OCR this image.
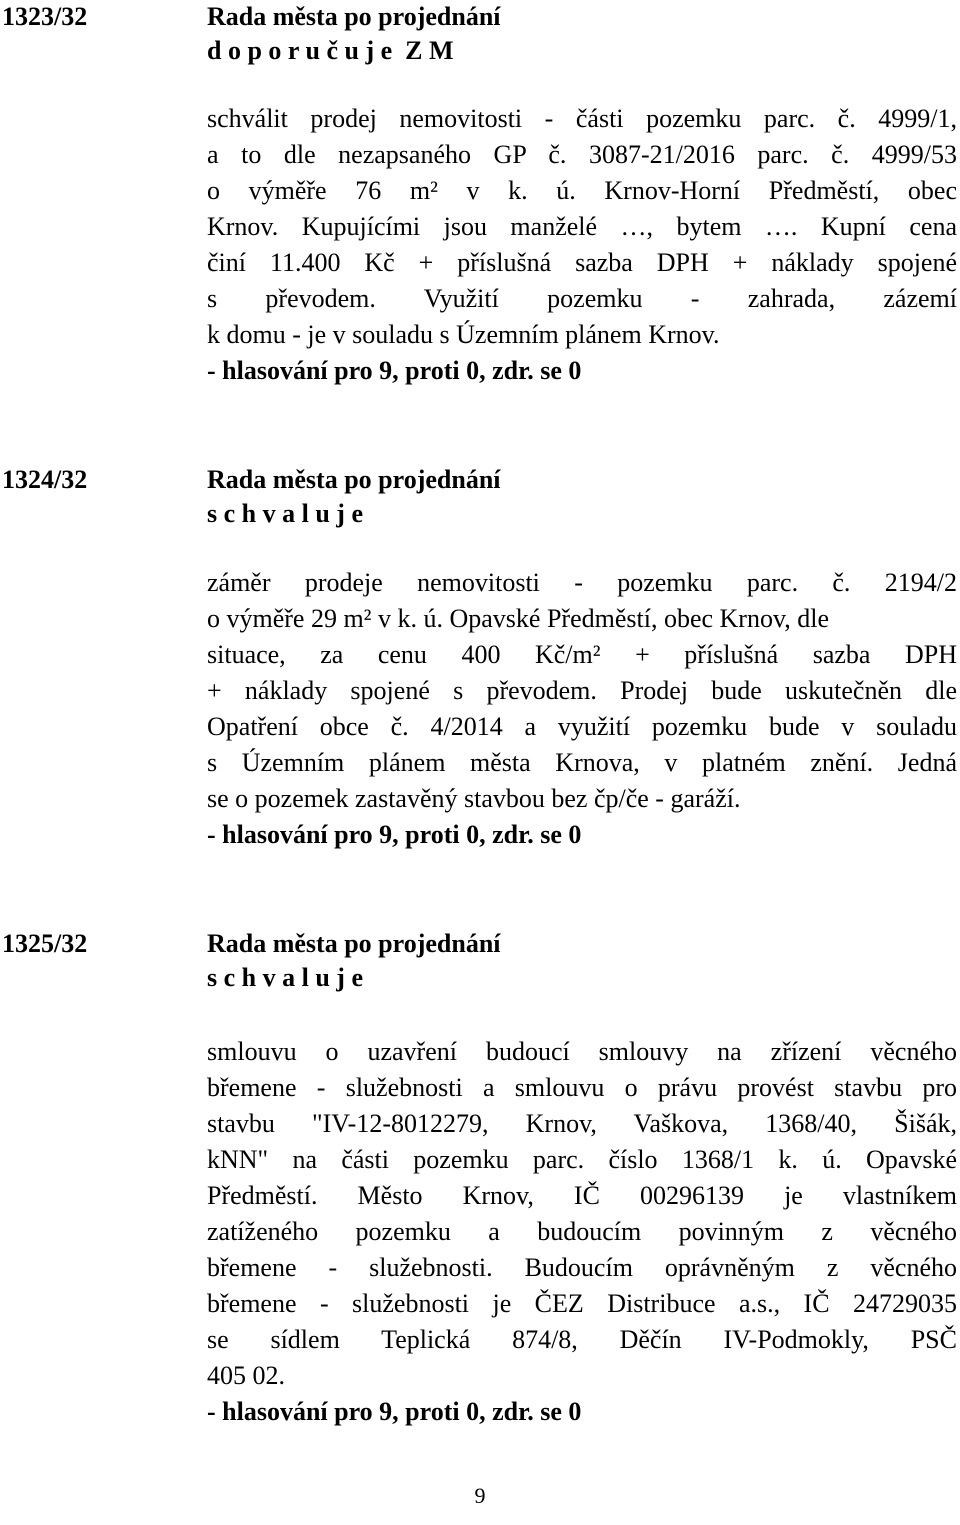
1323/32	Rada města po projednání
d o p o r u č u j e  Z M
schválit prodej nemovitosti - části pozemku parc. č. 4999/1,
a to dle nezapsaného GP č. 3087-21/2016 parc. č. 4999/53
o výměře 76 m² v k. ú. Krnov-Horní Předměstí, obec
Krnov. Kupujícími jsou manželé …, bytem …. Kupní cena
činí 11.400 Kč + příslušná sazba DPH + náklady spojené
s převodem. Využití pozemku - zahrada, zázemí
k domu - je v souladu s Územním plánem Krnov.
- hlasování pro 9, proti 0, zdr. se 0
1324/32	Rada města po projednání
s c h v a l u j e
záměr prodeje nemovitosti - pozemku parc. č. 2194/2
o výměře 29 m² v k. ú. Opavské Předměstí, obec Krnov, dle
situace, za cenu 400 Kč/m² + příslušná sazba DPH
+ náklady spojené s převodem. Prodej bude uskutečněn dle
Opatření obce č. 4/2014 a využití pozemku bude v souladu
s Územním plánem města Krnova, v platném znění. Jedná
se o pozemek zastavěný stavbou bez čp/če - garáží.
- hlasování pro 9, proti 0, zdr. se 0
1325/32	Rada města po projednání
s c h v a l u j e
smlouvu o uzavření budoucí smlouvy na zřízení věcného
břemene - služebnosti a smlouvu o právu provést stavbu pro
stavbu "IV-12-8012279, Krnov, Vaškova, 1368/40, Šišák,
kNN" na části pozemku parc. číslo 1368/1 k. ú. Opavské
Předměstí. Město Krnov, IČ 00296139 je vlastníkem
zatíženého pozemku a budoucím povinným z věcného
břemene - služebnosti. Budoucím oprávněným z věcného
břemene - služebnosti je ČEZ Distribuce a.s., IČ 24729035
se sídlem Teplická 874/8, Děčín IV-Podmokly, PSČ
405 02.
- hlasování pro 9, proti 0, zdr. se 0
9
